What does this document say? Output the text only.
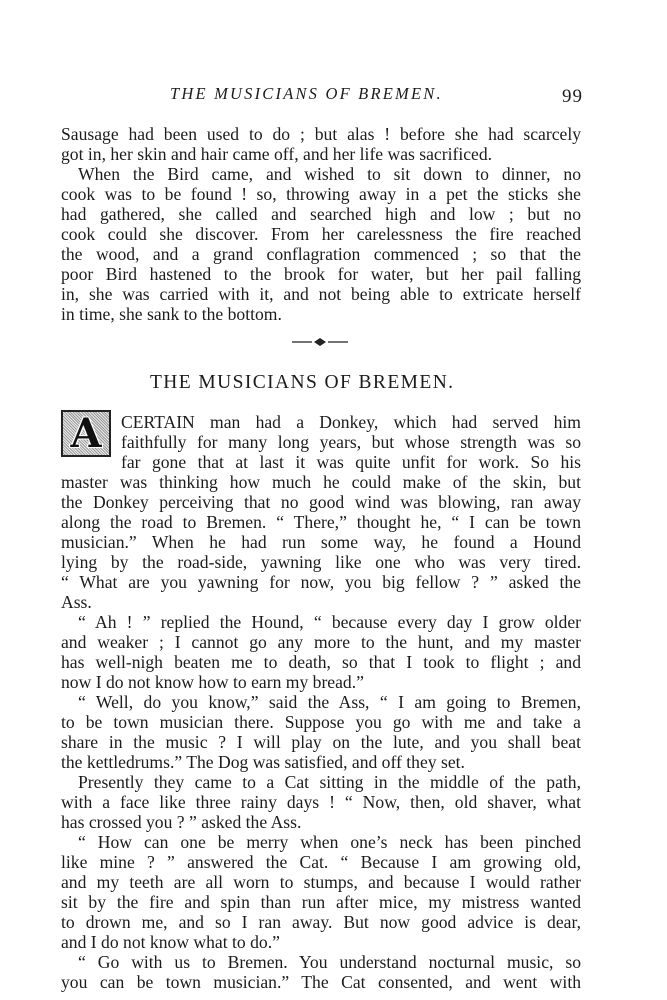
THE MUSICIANS OF BREMEN.	99
Sausage had been used to do ; but alas ! before she had scarcely
got in, her skin and hair came off, and her life was sacrificed.
When the Bird came, and wished to sit down to dinner, no
cook was to be found ! so, throwing away in a pet the sticks she
had gathered, she called and searched high and low ; but no
cook could she discover. From her carelessness the fire reached
the wood, and a grand conflagration commenced ; so that the
poor Bird hastened to the brook for water, but her pail falling
in, she was carried with it, and not being able to extricate herself
in time, she sank to the bottom.
THE MUSICIANS OF BREMEN.
A CERTAIN man had a Donkey, which had served him
faithfully for many long years, but whose strength was so
far gone that at last it was quite unfit for work. So his
master was thinking how much he could make of the skin, but
the Donkey perceiving that no good wind was blowing, ran away
along the road to Bremen. “ There,” thought he, “ I can be town
musician.” When he had run some way, he found a Hound
lying by the road-side, yawning like one who was very tired.
“ What are you yawning for now, you big fellow ? ” asked the
Ass.
“ Ah ! ” replied the Hound, “ because every day I grow older
and weaker ; I cannot go any more to the hunt, and my master
has well-nigh beaten me to death, so that I took to flight ; and
now I do not know how to earn my bread.”
“ Well, do you know,” said the Ass, “ I am going to Bremen,
to be town musician there. Suppose you go with me and take a
share in the music ? I will play on the lute, and you shall beat
the kettledrums.” The Dog was satisfied, and off they set.
Presently they came to a Cat sitting in the middle of the path,
with a face like three rainy days ! “ Now, then, old shaver, what
has crossed you ? ” asked the Ass.
“ How can one be merry when one’s neck has been pinched
like mine ? ” answered the Cat. “ Because I am growing old,
and my teeth are all worn to stumps, and because I would rather
sit by the fire and spin than run after mice, my mistress wanted
to drown me, and so I ran away. But now good advice is dear,
and I do not know what to do.”
“ Go with us to Bremen. You understand nocturnal music, so
you can be town musician.” The Cat consented, and went with
